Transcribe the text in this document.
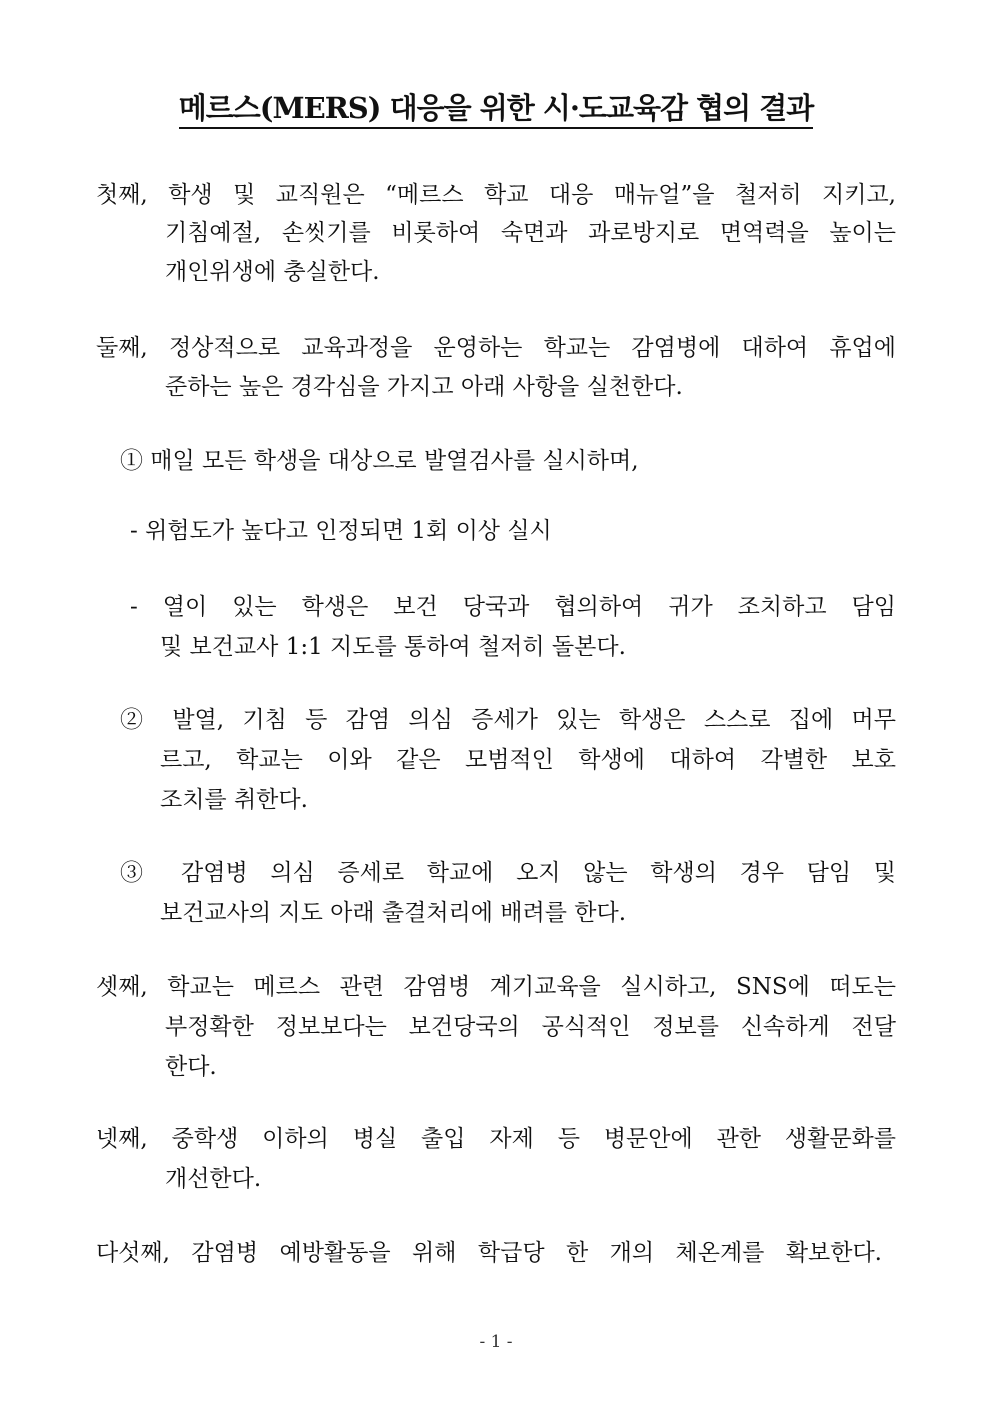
메르스(MERS) 대응을 위한 시·도교육감 협의 결과
첫째, 학생 및 교직원은 “메르스 학교 대응 매뉴얼”을 철저히 지키고,
기침예절, 손씻기를 비롯하여 숙면과 과로방지로 면역력을 높이는
개인위생에 충실한다.
둘째, 정상적으로 교육과정을 운영하는 학교는 감염병에 대하여 휴업에
준하는 높은 경각심을 가지고 아래 사항을 실천한다.
① 매일 모든 학생을 대상으로 발열검사를 실시하며,
- 위험도가 높다고 인정되면 1회 이상 실시
- 열이 있는 학생은 보건 당국과 협의하여 귀가 조치하고 담임
및 보건교사 1:1 지도를 통하여 철저히 돌본다.
② 발열, 기침 등 감염 의심 증세가 있는 학생은 스스로 집에 머무
르고, 학교는 이와 같은 모범적인 학생에 대하여 각별한 보호
조치를 취한다.
③ 감염병 의심 증세로 학교에 오지 않는 학생의 경우 담임 및
보건교사의 지도 아래 출결처리에 배려를 한다.
셋째, 학교는 메르스 관련 감염병 계기교육을 실시하고, SNS에 떠도는
부정확한 정보보다는 보건당국의 공식적인 정보를 신속하게 전달
한다.
넷째, 중학생 이하의 병실 출입 자제 등 병문안에 관한 생활문화를
개선한다.
다섯째, 감염병 예방활동을 위해 학급당 한 개의 체온계를 확보한다.
- 1 -
